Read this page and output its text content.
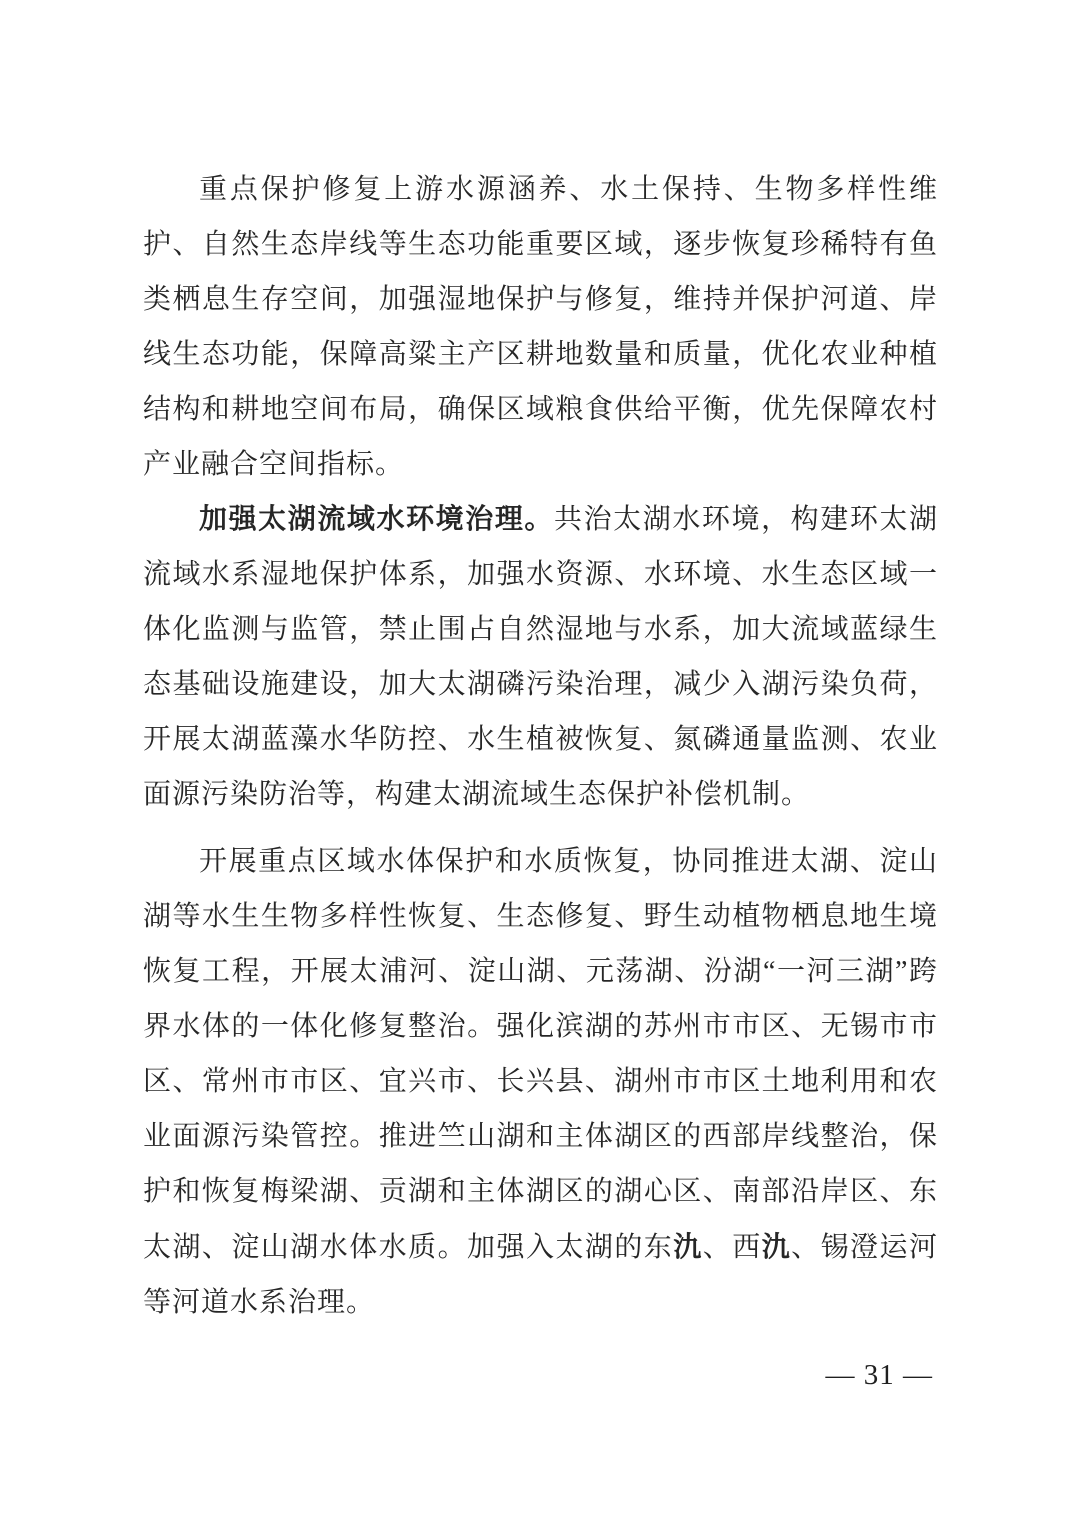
重点保护修复上游水源涵养、水土保持、生物多样性维护、自然生态岸线等生态功能重要区域，逐步恢复珍稀特有鱼类栖息生存空间，加强湿地保护与修复，维持并保护河道、岸线生态功能，保障高粱主产区耕地数量和质量，优化农业种植结构和耕地空间布局，确保区域粮食供给平衡，优先保障农村产业融合空间指标。

加强太湖流域水环境治理。共治太湖水环境，构建环太湖流域水系湿地保护体系，加强水资源、水环境、水生态区域一体化监测与监管，禁止围占自然湿地与水系，加大流域蓝绿生态基础设施建设，加大太湖磷污染治理，减少入湖污染负荷，开展太湖蓝藻水华防控、水生植被恢复、氮磷通量监测、农业面源污染防治等，构建太湖流域生态保护补偿机制。

开展重点区域水体保护和水质恢复，协同推进太湖、淀山湖等水生生物多样性恢复、生态修复、野生动植物栖息地生境恢复工程，开展太浦河、淀山湖、元荡湖、汾湖“一河三湖”跨界水体的一体化修复整治。强化滨湖的苏州市市区、无锡市市区、常州市市区、宜兴市、长兴县、湖州市市区土地利用和农业面源污染管控。推进竺山湖和主体湖区的西部岸线整治，保护和恢复梅梁湖、贡湖和主体湖区的湖心区、南部沿岸区、东太湖、淀山湖水体水质。加强入太湖的东氿、西氿、锡澄运河等河道水系治理。

— 31 —
